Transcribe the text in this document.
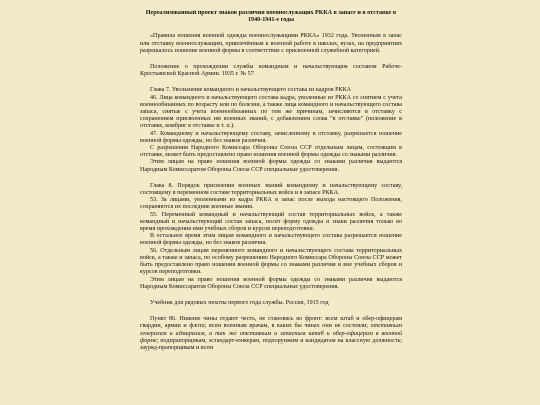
Нереализованный проект знаков различия военнослужащих РККА в запасе и в отставке в 1940-1941-е годы

«Правила ношения военной одежды военнослужащими РККА» 1932 года. Уволенным в запас или отставку военнослужащим, привлечённым к военной работе в школах, вузах, на предприятиях разрешалось ношение военной формы в соответствие с присвоенной служебной категорией.

Положение о прохождении службы командным и начальствующим составом Рабоче-Крестьянской Красной Армии. 1935 г. № 57

Глава 7. Увольнение командного и начальствующего состава из кадров РККА

46. Лица командного и начальствующего состава кадра, уволенные из РККА со снятием с учета военнообязанных по возрасту или по болезни, а также лица командного и начальствующего состава запаса, снятые с учета военнообязанных по тем же причинам, зачисляются в отставку с сохранением присвоенных им военных званий, с добавлением слова "в отставке" (положение в отставке, комбриг в отставке и т. п.).

47. Командному и начальствующему составу, зачисленному в отставку, разрешается ношение военной формы одежды, но без знаков различия.

С разрешения Народного Комиссара Обороны Союза ССР отдельным лицам, состоящим в отставке, может быть предоставлено право ношения военной формы одежды со знаками различия.

Этим лицам на право ношения военной формы одежды со знаками различия выдаются Народным Комиссаратом Обороны Союза ССР специальные удостоверения.

Глава 8. Порядок присвоения военных званий командному и начальствующему составу, состоящему в переменном составе территориальных войск и в запасе РККА.

53. За лицами, уволенными из кадра РККА в запас после выхода настоящего Положения, сохраняются их последние военные звания.

55. Переменный командный и начальствующий состав территориальных войск, а также командный и начальствующий состав запаса, носят форму одежды и знаки различия только во время прохождения ими учебных сборов и курсов переподготовки.

В остальное время этим лицам командного и начальствующего состава разрешается ношение военной формы одежды, но без знаков различия.

56. Отдельным лицам переменного командного и начальствующего состава территориальных войск, а также и запаса, по особому разрешению Народного Комиссара Обороны Союза ССР может быть предоставлено право ношения военной формы со знаками различия и вне учебных сборов и курсов переподготовки.

Этим лицам на право ношения военной формы одежды со знаками различия выдаются Народным Комиссаратом Обороны Союза ССР специальные удостоверения.

Учебник для рядовых пехоты первого года службы. Россия, 1915 год

Пункт 86. Нижние чины отдают честь, не становясь во фронт: всем штаб и обер-офицерам гвардии, армии и флота; всем военным врачам, в каких бы чинах они не состояли; отставным генералам и адмиралам, а так же отставным и запасным штаб и обер-офицерам в военной форме; подпрапорщикам, эстандарт-юнкерам, подхорунжим и кандидатам на классную должность; зауряд-прапорщикам и всем
